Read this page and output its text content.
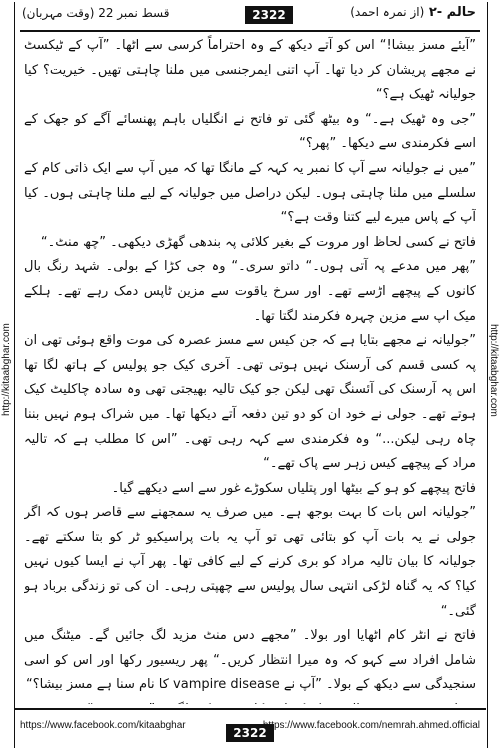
حالم -۲ (از نمرہ احمد)
2322
قسط نمبر 22 (وقت مہربان)
http://kitaabghar.com	http://kitaabghar.com

”آیئے مسز بیشا!“ اس کو آتے دیکھ کے وہ احتراماً کرسی سے اٹھا۔ ”آپ کے ٹیکسٹ نے مجھے پریشان کر دیا تھا۔ آپ اتنی ایمرجنسی میں ملنا چاہتی تھیں۔ خیریت؟ کیا جولیانہ ٹھیک ہے؟“

”جی وہ ٹھیک ہے۔“ وہ بیٹھ گئی تو فاتح نے انگلیاں باہم پھنسائے آگے کو جھک کے اسے فکرمندی سے دیکھا۔ ”پھر؟“

”میں نے جولیانہ سے آپ کا نمبر یہ کہہ کے مانگا تھا کہ میں آپ سے ایک ذاتی کام کے سلسلے میں ملنا چاہتی ہوں۔ لیکن دراصل میں جولیانہ کے لیے ملنا چاہتی ہوں۔ کیا آپ کے پاس میرے لیے کتنا وقت ہے؟“

فاتح نے کسی لحاظ اور مروت کے بغیر کلائی پہ بندھی گھڑی دیکھی۔ ”چھ منٹ۔“

”پھر میں مدعے پہ آتی ہوں۔“ داتو سری۔“ وہ جی کڑا کے بولی۔ شہد رنگ بال کانوں کے پیچھے اڑسے تھے۔ اور سرخ یاقوت سے مزین ٹاپس دمک رہے تھے۔ ہلکے میک اپ سے مزین چہرہ فکرمند لگتا تھا۔

”جولیانہ نے مجھے بتایا ہے کہ جن کیس سے مسز عصرہ کی موت واقع ہوئی تھی ان پہ کسی قسم کی آرسنک نہیں ہوتی تھی۔ آخری کیک جو پولیس کے ہاتھ لگا تھا اس پہ آرسنک کی آئسنگ تھی لیکن جو کیک تالیہ بھیجتی تھی وہ سادہ چاکلیٹ کیک ہوتے تھے۔ جولی نے خود ان کو دو تین دفعہ آتے دیکھا تھا۔ میں شراک ہوم نہیں بننا چاہ رہی لیکن...“ وہ فکرمندی سے کہہ رہی تھی۔ ”اس کا مطلب ہے کہ تالیہ مراد کے پیچھے کیس زہر سے پاک تھے۔“

فاتح پیچھے کو ہو کے بیٹھا اور پتلیاں سکوڑے غور سے اسے دیکھے گیا۔

”جولیانہ اس بات کا بہت بوجھ ہے۔ میں صرف یہ سمجھنے سے قاصر ہوں کہ اگر جولی نے یہ بات آپ کو بتائی تھی تو آپ یہ بات پراسیکیو ٹر کو بتا سکتے تھے۔ جولیانہ کا بیان تالیہ مراد کو بری کرنے کے لیے کافی تھا۔ پھر آپ نے ایسا کیوں نہیں کیا؟ کہ یہ گناہ لڑکی انتہی سال پولیس سے چھپتی رہی۔ ان کی تو زندگی برباد ہو گئی۔“

فاتح نے انٹر کام اٹھایا اور بولا۔ ”مجھے دس منٹ مزید لگ جائیں گے۔ میٹنگ میں شامل افراد سے کہو کہ وہ میرا انتظار کریں۔“ پھر ریسیور رکھا اور اس کو اسی سنجیدگی سے دیکھ کے بولا۔ ”آپ نے vampire disease کا نام سنا ہے مسز بیشا؟“

https://www.facebook.com/kitaabghar
2322
https://www.facebook.com/nemrah.ahmed.official
